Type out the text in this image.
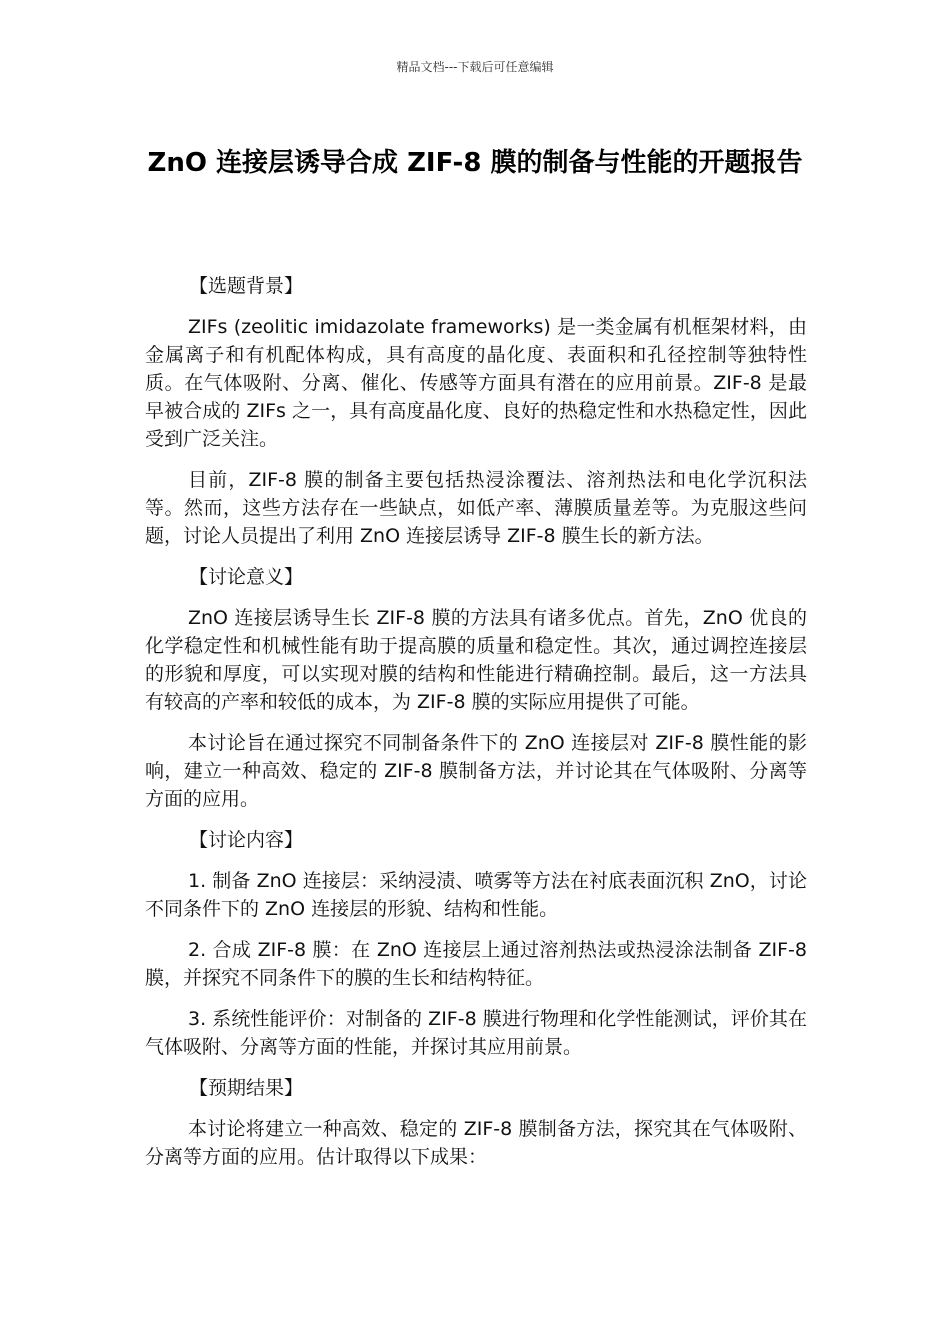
精品文档---下载后可任意编辑
ZnO 连接层诱导合成 ZIF-8 膜的制备与性能的开题报告
【选题背景】

ZIFs (zeolitic imidazolate frameworks) 是一类金属有机框架材料，由金属离子和有机配体构成，具有高度的晶化度、表面积和孔径控制等独特性质。在气体吸附、分离、催化、传感等方面具有潜在的应用前景。ZIF-8 是最早被合成的 ZIFs 之一，具有高度晶化度、良好的热稳定性和水热稳定性，因此受到广泛关注。

目前，ZIF-8 膜的制备主要包括热浸涂覆法、溶剂热法和电化学沉积法等。然而，这些方法存在一些缺点，如低产率、薄膜质量差等。为克服这些问题，讨论人员提出了利用 ZnO 连接层诱导 ZIF-8 膜生长的新方法。

【讨论意义】

ZnO 连接层诱导生长 ZIF-8 膜的方法具有诸多优点。首先，ZnO 优良的化学稳定性和机械性能有助于提高膜的质量和稳定性。其次，通过调控连接层的形貌和厚度，可以实现对膜的结构和性能进行精确控制。最后，这一方法具有较高的产率和较低的成本，为 ZIF-8 膜的实际应用提供了可能。

本讨论旨在通过探究不同制备条件下的 ZnO 连接层对 ZIF-8 膜性能的影响，建立一种高效、稳定的 ZIF-8 膜制备方法，并讨论其在气体吸附、分离等方面的应用。

【讨论内容】

1. 制备 ZnO 连接层：采纳浸渍、喷雾等方法在衬底表面沉积 ZnO，讨论不同条件下的 ZnO 连接层的形貌、结构和性能。

2. 合成 ZIF-8 膜：在 ZnO 连接层上通过溶剂热法或热浸涂法制备 ZIF-8 膜，并探究不同条件下的膜的生长和结构特征。

3. 系统性能评价：对制备的 ZIF-8 膜进行物理和化学性能测试，评价其在气体吸附、分离等方面的性能，并探讨其应用前景。

【预期结果】

本讨论将建立一种高效、稳定的 ZIF-8 膜制备方法，探究其在气体吸附、分离等方面的应用。估计取得以下成果：
